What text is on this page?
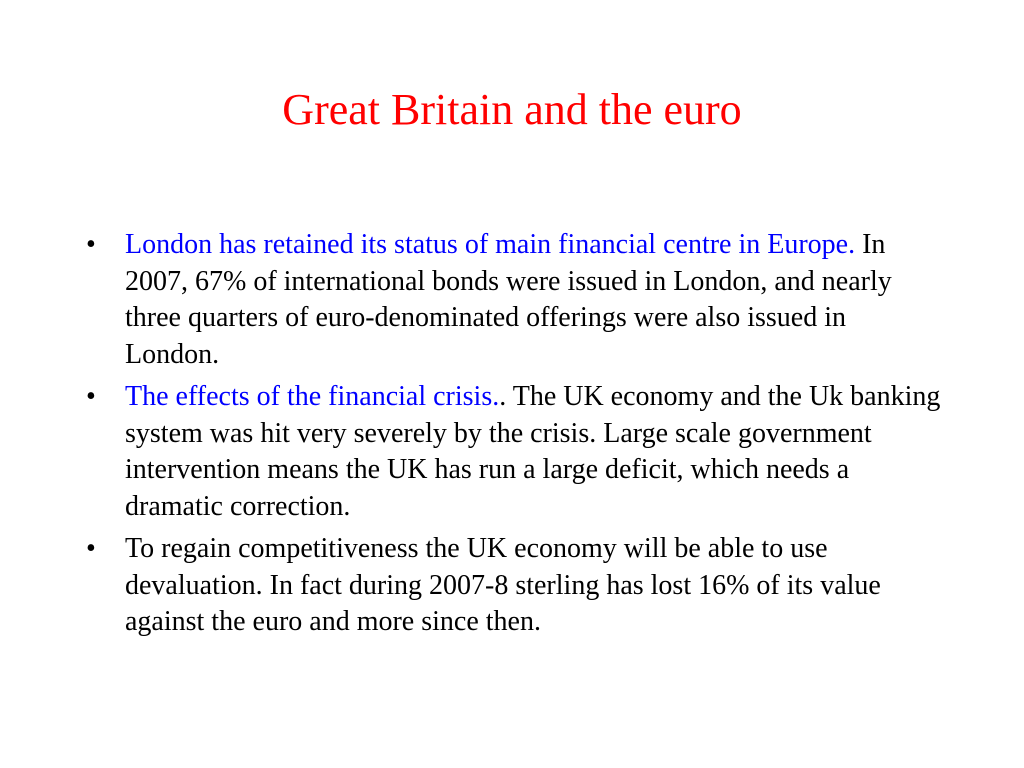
Great Britain and the euro
•	London has retained its status of main financial centre in Europe. In 2007, 67% of international bonds were issued in London, and nearly three quarters of euro-denominated offerings were also issued in London.
•	The effects of the financial crisis.. The UK economy and the Uk banking system was hit very severely by the crisis. Large scale government intervention means the UK has run a large deficit, which needs a dramatic correction.
•	To regain competitiveness the UK economy will be able to use devaluation. In fact during 2007-8 sterling has lost 16% of its value against the euro and more since then.
